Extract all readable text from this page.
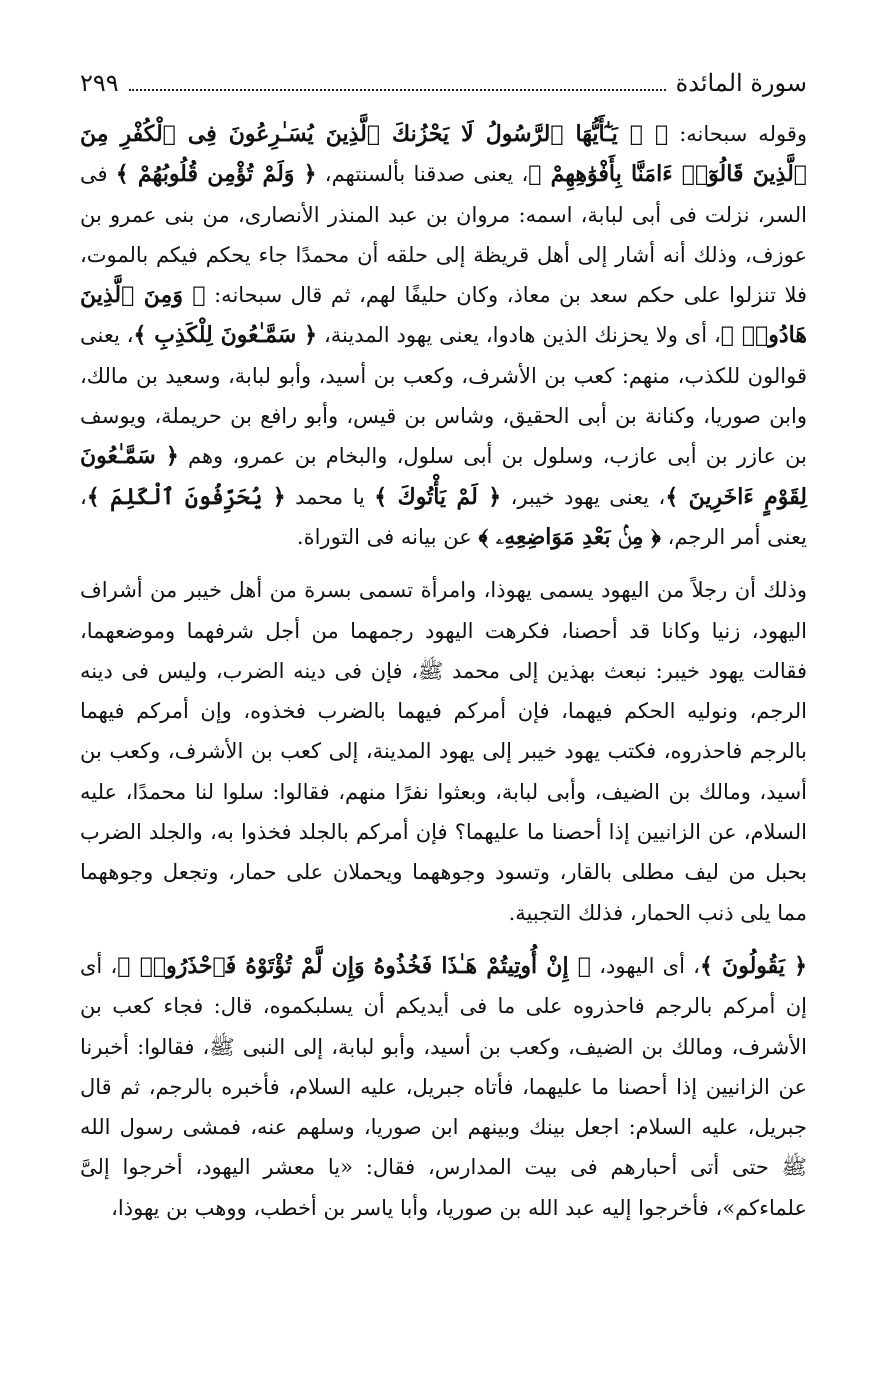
سورة المائدة
٢٩٩

وقوله سبحانه: ﴿ ۞ يَـٰٓأَيُّهَا ٱلرَّسُولُ لَا يَحْزُنكَ ٱلَّذِينَ يُسَـٰرِعُونَ فِى ٱلْكُفْرِ مِنَ ٱلَّذِينَ قَالُوٓا۟ ءَامَنَّا بِأَفْوَٰهِهِمْ ﴾، يعنى صدقنا بألسنتهم، ﴿ وَلَمْ تُؤْمِن قُلُوبُهُمْ ﴾ فى السر، نزلت فى أبى لبابة، اسمه: مروان بن عبد المنذر الأنصارى، من بنى عمرو بن عوزف، وذلك أنه أشار إلى أهل قريظة إلى حلقه أن محمدًا جاء يحكم فيكم بالموت، فلا تنزلوا على حكم سعد بن معاذ، وكان حليفًا لهم، ثم قال سبحانه: ﴿ وَمِنَ ٱلَّذِينَ هَادُوا۟ ﴾، أى ولا يحزنك الذين هادوا، يعنى يهود المدينة، ﴿ سَمَّـٰعُونَ لِلْكَذِبِ ﴾، يعنى قوالون للكذب، منهم: كعب بن الأشرف، وكعب بن أسيد، وأبو لبابة، وسعيد بن مالك، وابن صوريا، وكنانة بن أبى الحقيق، وشاس بن قيس، وأبو رافع بن حريملة، ويوسف بن عازر بن أبى عازب، وسلول بن أبى سلول، والبخام بن عمرو، وهم ﴿ سَمَّـٰعُونَ لِقَوْمٍ ءَاخَرِينَ ﴾، يعنى يهود خيبر، ﴿ لَمْ يَأْتُوكَ ﴾ يا محمد ﴿ يُحَرِّفُونَ ٱلْكَلِمَ ﴾، يعنى أمر الرجم، ﴿ مِنۢ بَعْدِ مَوَاضِعِهِۦ ﴾ عن بيانه فى التوراة.

وذلك أن رجلاً من اليهود يسمى يهوذا، وامرأة تسمى بسرة من أهل خيبر من أشراف اليهود، زنيا وكانا قد أحصنا، فكرهت اليهود رجمهما من أجل شرفهما وموضعهما، فقالت يهود خيبر: نبعث بهذين إلى محمد ﷺ، فإن فى دينه الضرب، وليس فى دينه الرجم، ونوليه الحكم فيهما، فإن أمركم فيهما بالضرب فخذوه، وإن أمركم فيهما بالرجم فاحذروه، فكتب يهود خيبر إلى يهود المدينة، إلى كعب بن الأشرف، وكعب بن أسيد، ومالك بن الضيف، وأبى لبابة، وبعثوا نفرًا منهم، فقالوا: سلوا لنا محمدًا، عليه السلام، عن الزانيين إذا أحصنا ما عليهما؟ فإن أمركم بالجلد فخذوا به، والجلد الضرب بحبل من ليف مطلى بالقار، وتسود وجوههما ويحملان على حمار، وتجعل وجوههما مما يلى ذنب الحمار، فذلك التجبية.

﴿ يَقُولُونَ ﴾، أى اليهود، ﴿ إِنْ أُوتِيتُمْ هَـٰذَا فَخُذُوهُ وَإِن لَّمْ تُؤْتَوْهُ فَٱحْذَرُوا۟ ﴾، أى إن أمركم بالرجم فاحذروه على ما فى أيديكم أن يسلبكموه، قال: فجاء كعب بن الأشرف، ومالك بن الضيف، وكعب بن أسيد، وأبو لبابة، إلى النبى ﷺ، فقالوا: أخبرنا عن الزانيين إذا أحصنا ما عليهما، فأتاه جبريل، عليه السلام، فأخبره بالرجم، ثم قال جبريل، عليه السلام: اجعل بينك وبينهم ابن صوريا، وسلهم عنه، فمشى رسول الله ﷺ حتى أتى أحبارهم فى بيت المدارس، فقال: «يا معشر اليهود، أخرجوا إلىَّ علماءكم»، فأخرجوا إليه عبد الله بن صوريا، وأبا ياسر بن أخطب، ووهب بن يهوذا،
